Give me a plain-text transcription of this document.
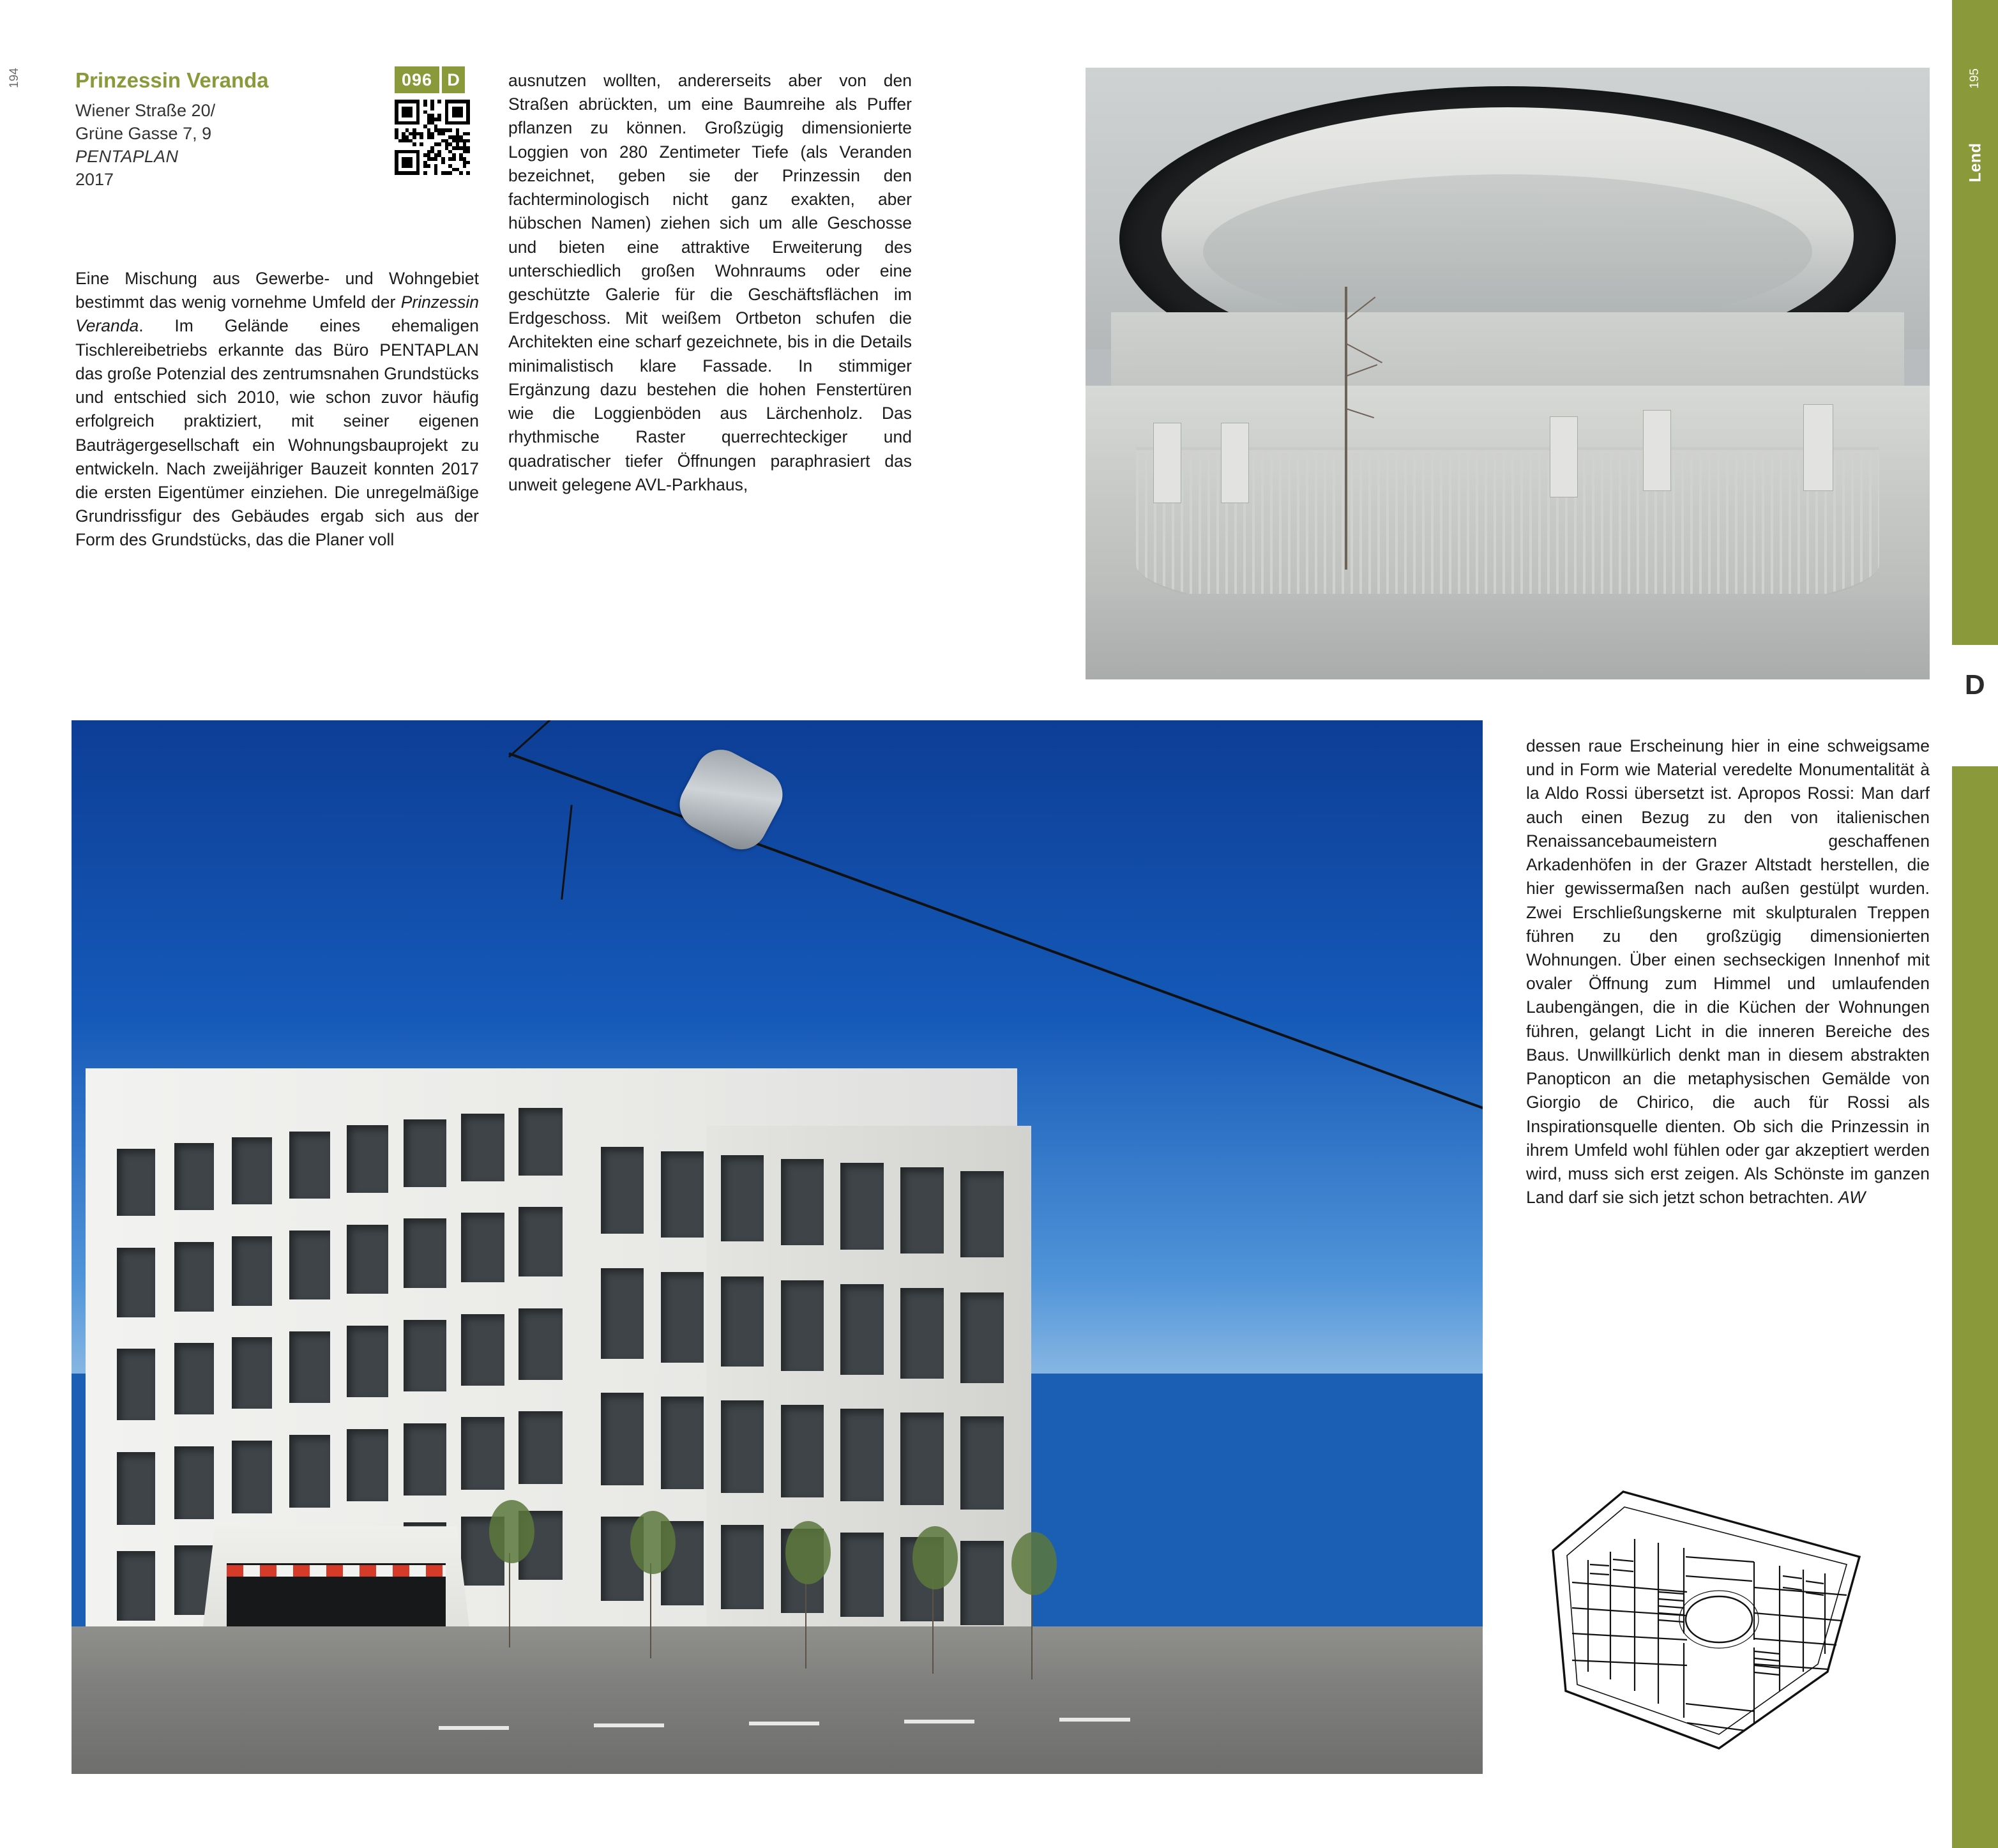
194	Prinzessin Veranda
Wiener Straße 20/
Grüne Gasse 7, 9
PENTAPLAN
2017
096 D

Eine Mischung aus Gewerbe- und Wohngebiet bestimmt das wenig vornehme Umfeld der Prinzessin Veranda. Im Gelände eines ehemaligen Tischlereibetriebs erkannte das Büro PENTAPLAN das große Potenzial des zentrumsnahen Grundstücks und entschied sich 2010, wie schon zuvor häufig erfolgreich praktiziert, mit seiner eigenen Bauträgergesellschaft ein Wohnungsbauprojekt zu entwickeln. Nach zweijähriger Bauzeit konnten 2017 die ersten Eigentümer einziehen. Die unregelmäßige Grundrissfigur des Gebäudes ergab sich aus der Form des Grundstücks, das die Planer voll

ausnutzen wollten, andererseits aber von den Straßen abrückten, um eine Baumreihe als Puffer pflanzen zu können. Großzügig dimensionierte Loggien von 280 Zentimeter Tiefe (als Veranden bezeichnet, geben sie der Prinzessin den fachterminologisch nicht ganz exakten, aber hübschen Namen) ziehen sich um alle Geschosse und bieten eine attraktive Erweiterung des unterschiedlich großen Wohnraums oder eine geschützte Galerie für die Geschäftsflächen im Erdgeschoss. Mit weißem Ortbeton schufen die Architekten eine scharf gezeichnete, bis in die Details minimalistisch klare Fassade. In stimmiger Ergänzung dazu bestehen die hohen Fenstertüren wie die Loggienböden aus Lärchenholz. Das rhythmische Raster querrechteckiger und quadratischer tiefer Öffnungen paraphrasiert das unweit gelegene AVL-Parkhaus,

dessen raue Erscheinung hier in eine schweigsame und in Form wie Material veredelte Monumentalität à la Aldo Rossi übersetzt ist. Apropos Rossi: Man darf auch einen Bezug zu den von italienischen Renaissancebaumeistern geschaffenen Arkadenhöfen in der Grazer Altstadt herstellen, die hier gewissermaßen nach außen gestülpt wurden. Zwei Erschließungskerne mit skulpturalen Treppen führen zu den großzügig dimensionierten Wohnungen. Über einen sechseckigen Innenhof mit ovaler Öffnung zum Himmel und umlaufenden Laubengängen, die in die Küchen der Wohnungen führen, gelangt Licht in die inneren Bereiche des Baus. Unwillkürlich denkt man in diesem abstrakten Panopticon an die metaphysischen Gemälde von Giorgio de Chirico, die auch für Rossi als Inspirationsquelle dienten. Ob sich die Prinzessin in ihrem Umfeld wohl fühlen oder gar akzeptiert werden wird, muss sich erst zeigen. Als Schönste im ganzen Land darf sie sich jetzt schon betrachten. AW

195
Lend
D
